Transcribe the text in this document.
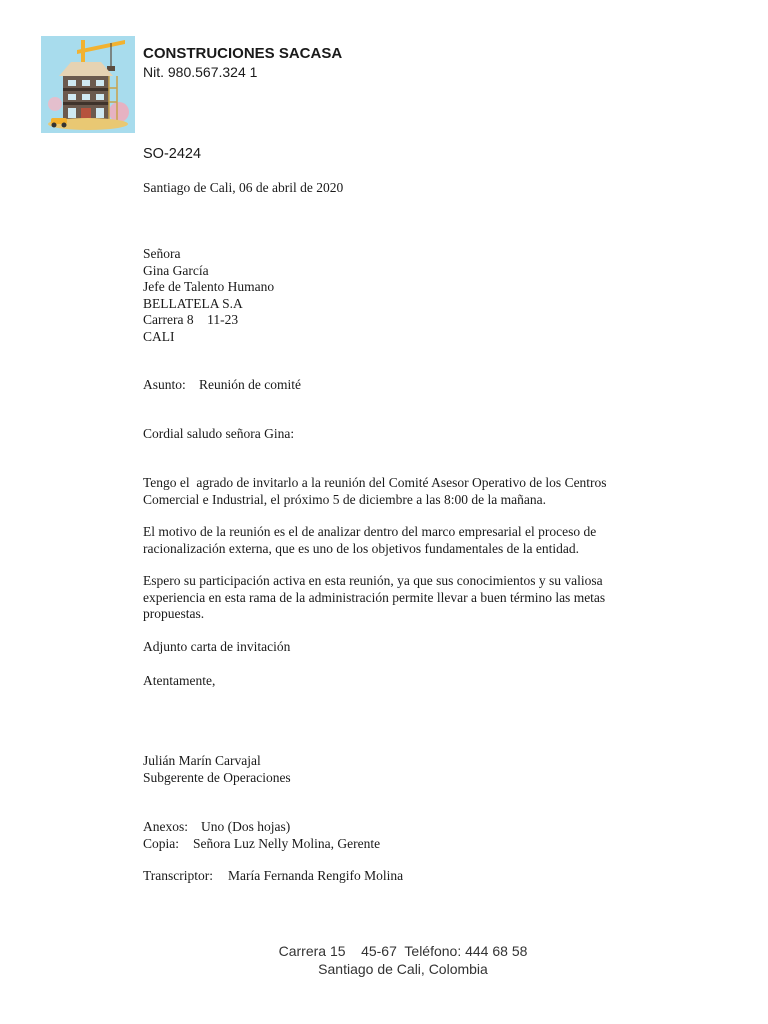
CONSTRUCIONES SACASA
Nit. 980.567.324 1
SO-2424
Santiago de Cali, 06 de abril de 2020
Señora
Gina García
Jefe de Talento Humano
BELLATELA S.A
Carrera 8    11-23
CALI
Asunto: Reunión de comité
Cordial saludo señora Gina:
Tengo el  agrado de invitarlo a la reunión del Comité Asesor Operativo de los Centros
Comercial e Industrial, el próximo 5 de diciembre a las 8:00 de la mañana.
El motivo de la reunión es el de analizar dentro del marco empresarial el proceso de
racionalización externa, que es uno de los objetivos fundamentales de la entidad.
Espero su participación activa en esta reunión, ya que sus conocimientos y su valiosa
experiencia en esta rama de la administración permite llevar a buen término las metas
propuestas.
Adjunto carta de invitación
Atentamente,
Julián Marín Carvajal
Subgerente de Operaciones
Anexos: Uno (Dos hojas)
Copia: Señora Luz Nelly Molina, Gerente
Transcriptor: María Fernanda Rengifo Molina
Carrera 15    45-67  Teléfono: 444 68 58
Santiago de Cali, Colombia
